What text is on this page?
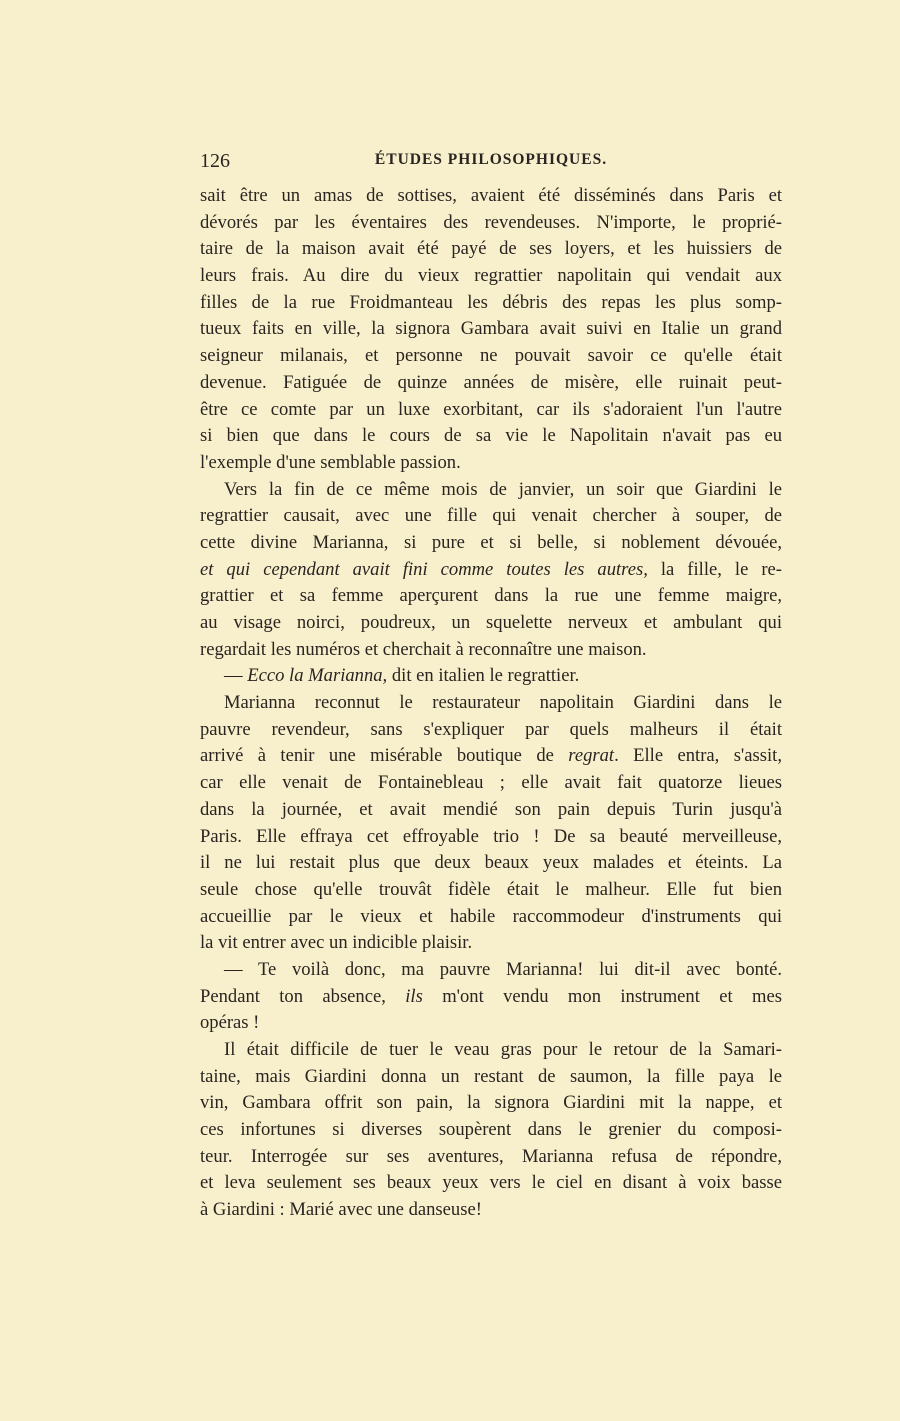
126	ÉTUDES PHILOSOPHIQUES.
sait être un amas de sottises, avaient été disséminés dans Paris et
dévorés par les éventaires des revendeuses. N'importe, le proprié-
taire de la maison avait été payé de ses loyers, et les huissiers de
leurs frais. Au dire du vieux regrattier napolitain qui vendait aux
filles de la rue Froidmanteau les débris des repas les plus somp-
tueux faits en ville, la signora Gambara avait suivi en Italie un grand
seigneur milanais, et personne ne pouvait savoir ce qu'elle était
devenue. Fatiguée de quinze années de misère, elle ruinait peut-
être ce comte par un luxe exorbitant, car ils s'adoraient l'un l'autre
si bien que dans le cours de sa vie le Napolitain n'avait pas eu
l'exemple d'une semblable passion.
Vers la fin de ce même mois de janvier, un soir que Giardini le
regrattier causait, avec une fille qui venait chercher à souper, de
cette divine Marianna, si pure et si belle, si noblement dévouée,
et qui cependant avait fini comme toutes les autres, la fille, le re-
grattier et sa femme aperçurent dans la rue une femme maigre,
au visage noirci, poudreux, un squelette nerveux et ambulant qui
regardait les numéros et cherchait à reconnaître une maison.
— Ecco la Marianna, dit en italien le regrattier.
Marianna reconnut le restaurateur napolitain Giardini dans le
pauvre revendeur, sans s'expliquer par quels malheurs il était
arrivé à tenir une misérable boutique de regrat. Elle entra, s'assit,
car elle venait de Fontainebleau ; elle avait fait quatorze lieues
dans la journée, et avait mendié son pain depuis Turin jusqu'à
Paris. Elle effraya cet effroyable trio ! De sa beauté merveilleuse,
il ne lui restait plus que deux beaux yeux malades et éteints. La
seule chose qu'elle trouvât fidèle était le malheur. Elle fut bien
accueillie par le vieux et habile raccommodeur d'instruments qui
la vit entrer avec un indicible plaisir.
— Te voilà donc, ma pauvre Marianna! lui dit-il avec bonté.
Pendant ton absence, ils m'ont vendu mon instrument et mes
opéras !
Il était difficile de tuer le veau gras pour le retour de la Samari-
taine, mais Giardini donna un restant de saumon, la fille paya le
vin, Gambara offrit son pain, la signora Giardini mit la nappe, et
ces infortunes si diverses soupèrent dans le grenier du composi-
teur. Interrogée sur ses aventures, Marianna refusa de répondre,
et leva seulement ses beaux yeux vers le ciel en disant à voix basse
à Giardini : Marié avec une danseuse!
